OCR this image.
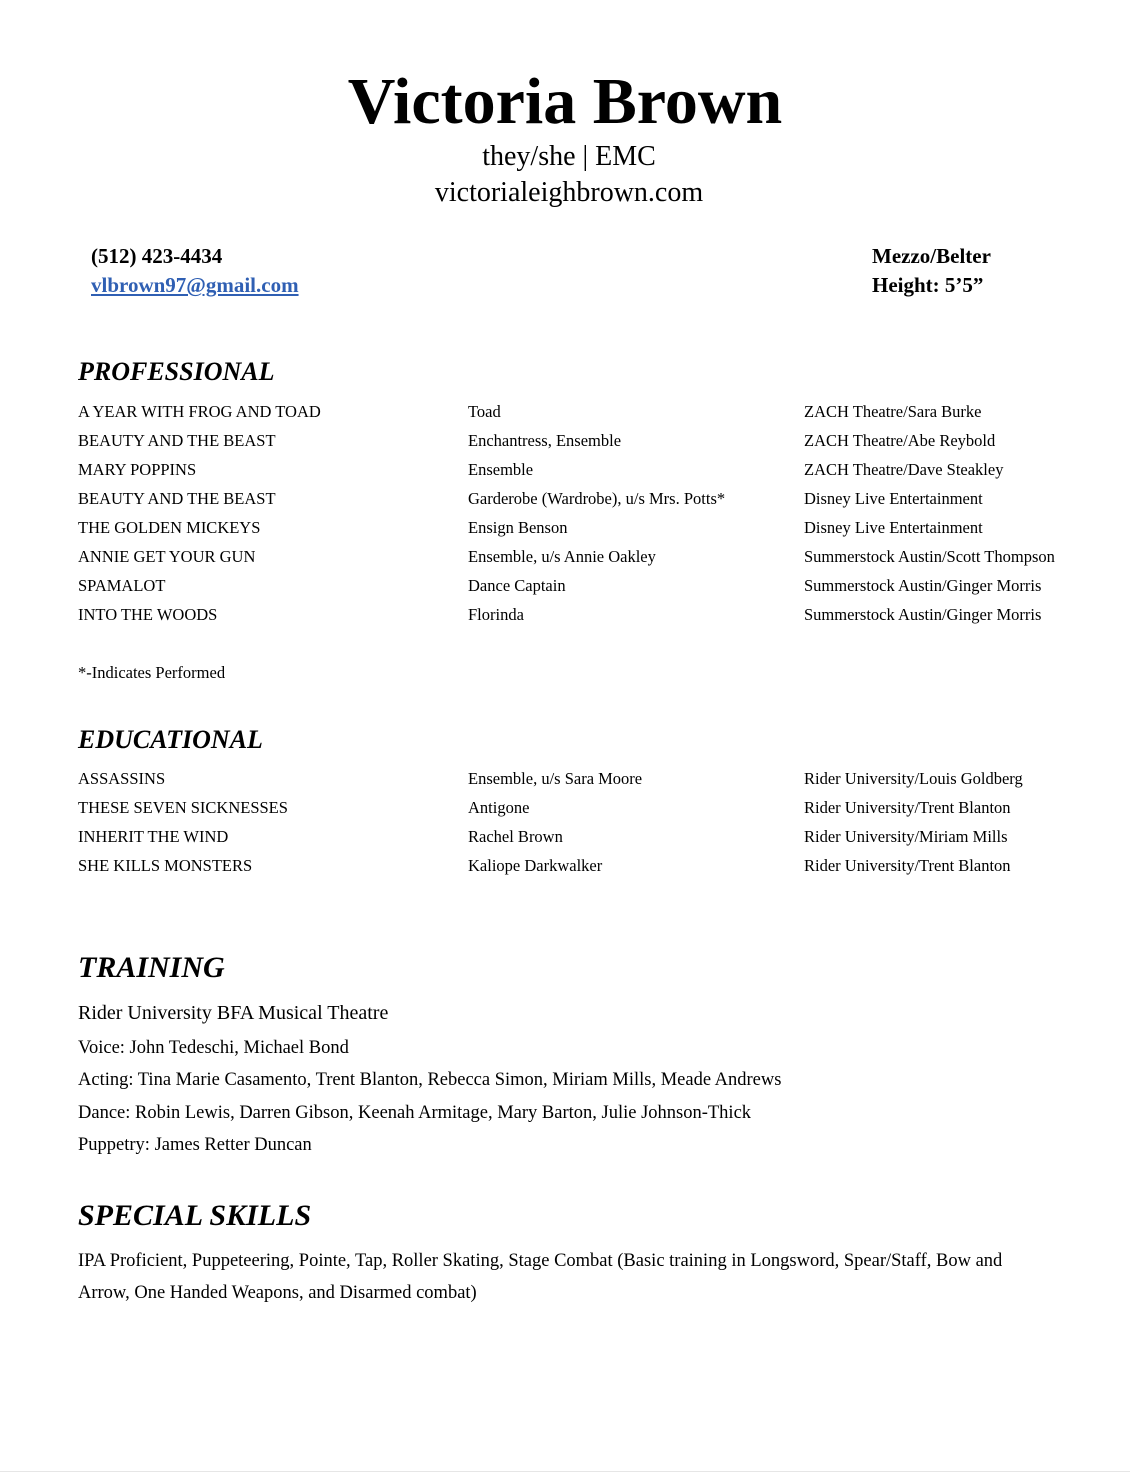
Victoria Brown
they/she | EMC
victorialeighbrown.com
(512) 423-4434
vlbrown97@gmail.com
Mezzo/Belter
Height: 5’5”
PROFESSIONAL
A YEAR WITH FROG AND TOAD	Toad	ZACH Theatre/Sara Burke
BEAUTY AND THE BEAST	Enchantress, Ensemble	ZACH Theatre/Abe Reybold
MARY POPPINS	Ensemble	ZACH Theatre/Dave Steakley
BEAUTY AND THE BEAST	Garderobe (Wardrobe), u/s Mrs. Potts*	Disney Live Entertainment
THE GOLDEN MICKEYS	Ensign Benson	Disney Live Entertainment
ANNIE GET YOUR GUN	Ensemble, u/s Annie Oakley	Summerstock Austin/Scott Thompson
SPAMALOT	Dance Captain	Summerstock Austin/Ginger Morris
INTO THE WOODS	Florinda	Summerstock Austin/Ginger Morris
*-Indicates Performed
EDUCATIONAL
ASSASSINS	Ensemble, u/s Sara Moore	Rider University/Louis Goldberg
THESE SEVEN SICKNESSES	Antigone	Rider University/Trent Blanton
INHERIT THE WIND	Rachel Brown	Rider University/Miriam Mills
SHE KILLS MONSTERS	Kaliope Darkwalker	Rider University/Trent Blanton
TRAINING
Rider University BFA Musical Theatre
Voice: John Tedeschi, Michael Bond
Acting: Tina Marie Casamento, Trent Blanton, Rebecca Simon, Miriam Mills, Meade Andrews
Dance: Robin Lewis, Darren Gibson, Keenah Armitage, Mary Barton, Julie Johnson-Thick
Puppetry: James Retter Duncan
SPECIAL SKILLS
IPA Proficient, Puppeteering, Pointe, Tap, Roller Skating, Stage Combat (Basic training in Longsword, Spear/Staff, Bow and Arrow, One Handed Weapons, and Disarmed combat)
